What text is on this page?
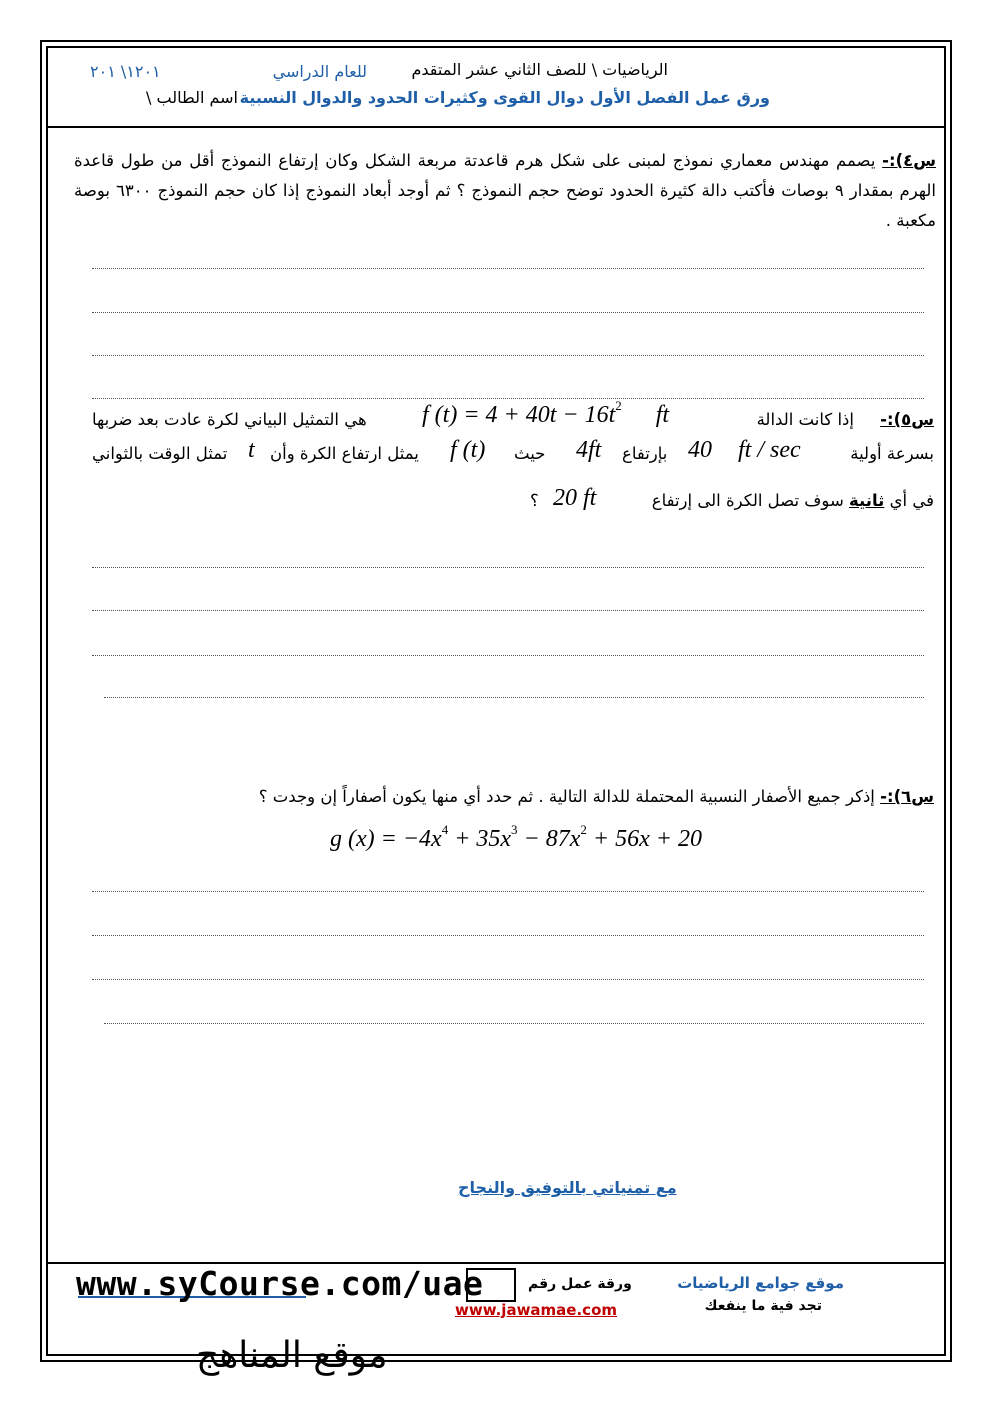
الرياضيات \ للصف الثاني عشر المتقدم
للعام الدراسي
١٢٠١\ ٢٠١
ورق عمل الفصل الأول دوال القوى وكثيرات الحدود والدوال النسبية
اسم الطالب \
س٤):- يصمم مهندس معماري نموذج لمبنى على شكل هرم قاعدتة مربعة الشكل وكان إرتفاع النموذج أقل من طول قاعدة الهرم بمقدار ٩ بوصات فأكتب دالة كثيرة الحدود توضح حجم النموذج ؟ ثم أوجد أبعاد النموذج إذا كان حجم النموذج ٦٣٠٠ بوصة مكعبة .
س٥):-
إذا كانت الدالة
f $(t) = 4 + 40t - 16t^2$ ft
هي التمثيل البياني لكرة عادت بعد ضربها
بسرعة أولية
40 ft / sec
بإرتفاع
4ft
حيث
f (t)
يمثل ارتفاع الكرة وأن
t
تمثل الوقت بالثواني
في أي ثانية سوف تصل الكرة الى إرتفاع
20 ft
؟
س٦):- إذكر جميع الأصفار النسبية المحتملة للدالة التالية . ثم حدد أي منها يكون أصفاراً إن وجدت ؟
g $(x) = -4x^4 + 35x^3 - 87x^2 + 56x + 20$
مع تمنياتي بالتوفيق والنجاح
موقع جوامع الرياضيات
تجد فية ما ينفعك
ورقة عمل رقم
www.jawamae.com
www.syCourse.com/uae
موقع المناهج
